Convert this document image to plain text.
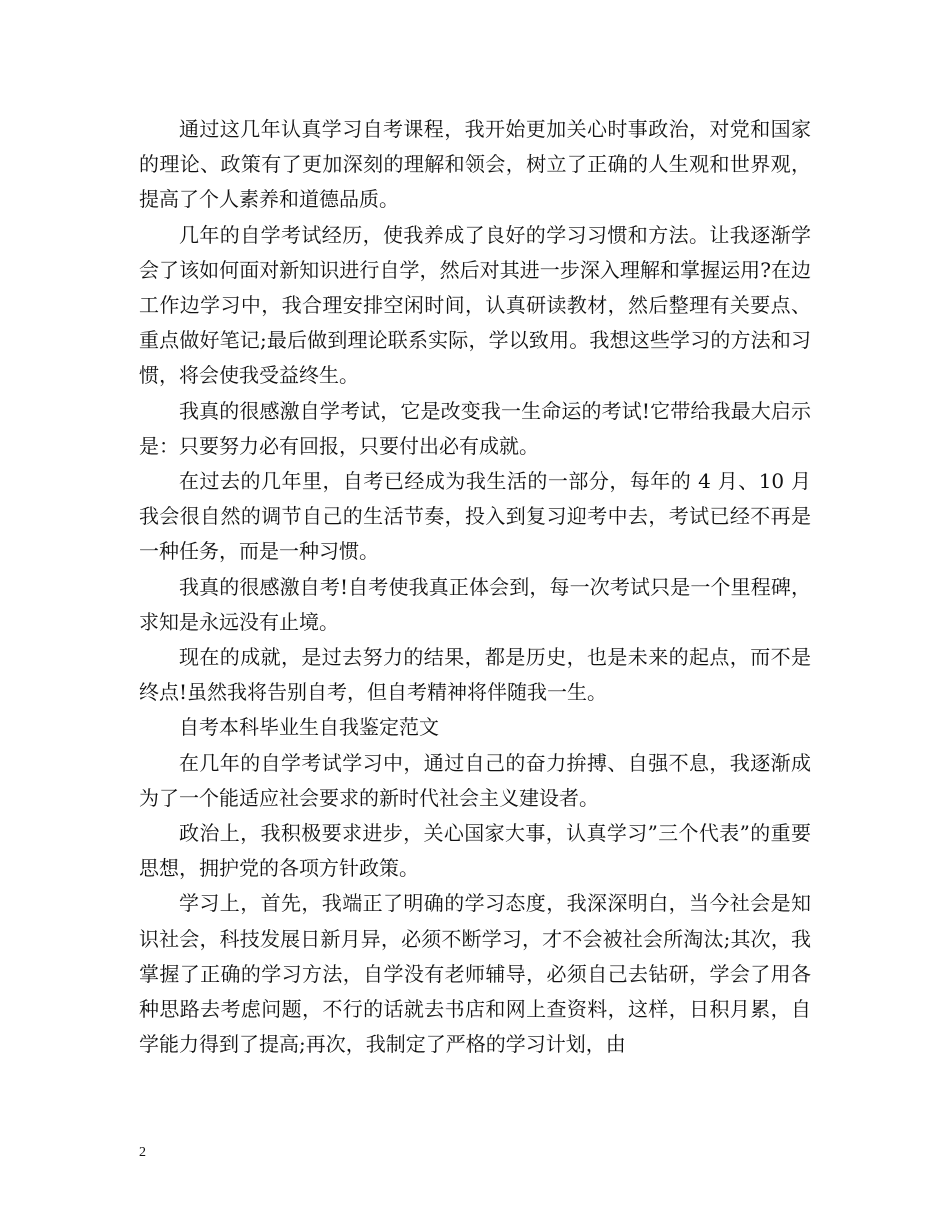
通过这几年认真学习自考课程，我开始更加关心时事政治，对党和国家的理论、政策有了更加深刻的理解和领会，树立了正确的人生观和世界观，提高了个人素养和道德品质。

几年的自学考试经历，使我养成了良好的学习习惯和方法。让我逐渐学会了该如何面对新知识进行自学，然后对其进一步深入理解和掌握运用?在边工作边学习中，我合理安排空闲时间，认真研读教材，然后整理有关要点、重点做好笔记;最后做到理论联系实际，学以致用。我想这些学习的方法和习惯，将会使我受益终生。

我真的很感激自学考试，它是改变我一生命运的考试!它带给我最大启示是：只要努力必有回报，只要付出必有成就。

在过去的几年里，自考已经成为我生活的一部分，每年的 4 月、10 月我会很自然的调节自己的生活节奏，投入到复习迎考中去，考试已经不再是一种任务，而是一种习惯。

我真的很感激自考!自考使我真正体会到，每一次考试只是一个里程碑，求知是永远没有止境。

现在的成就，是过去努力的结果，都是历史，也是未来的起点，而不是终点!虽然我将告别自考，但自考精神将伴随我一生。

自考本科毕业生自我鉴定范文

在几年的自学考试学习中，通过自己的奋力拚搏、自强不息，我逐渐成为了一个能适应社会要求的新时代社会主义建设者。

政治上，我积极要求进步，关心国家大事，认真学习”三个代表”的重要思想，拥护党的各项方针政策。

学习上，首先，我端正了明确的学习态度，我深深明白，当今社会是知识社会，科技发展日新月异，必须不断学习，才不会被社会所淘汰;其次，我掌握了正确的学习方法，自学没有老师辅导，必须自己去钻研，学会了用各种思路去考虑问题，不行的话就去书店和网上查资料，这样，日积月累，自学能力得到了提高;再次，我制定了严格的学习计划，由

2
